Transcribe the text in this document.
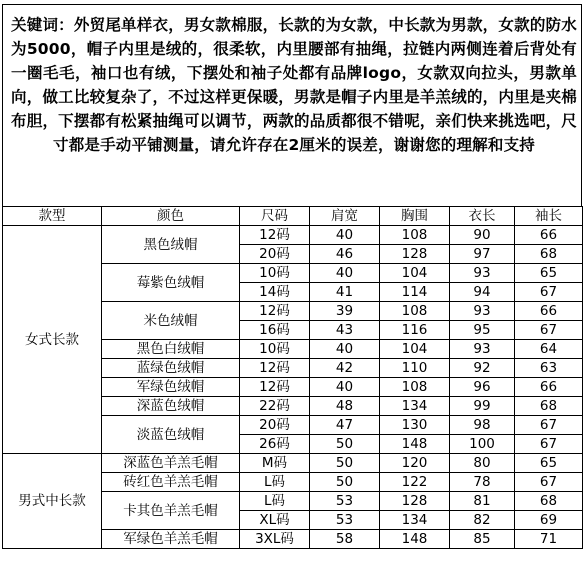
关键词：外贸尾单样衣，男女款棉服，长款的为女款，中长款为男款，女款的防水为5000，帽子内里是绒的，很柔软，内里腰部有抽绳，拉链内两侧连着后背处有一圈毛毛，袖口也有绒，下摆处和袖子处都有品牌logo，女款双向拉头，男款单向，做工比较复杂了，不过这样更保暖，男款是帽子内里是羊羔绒的，内里是夹棉布胆，下摆都有松紧抽绳可以调节，两款的品质都很不错呢，亲们快来挑选吧，尺寸都是手动平铺测量，请允许存在2厘米的误差，谢谢您的理解和支持
款型	颜色	尺码	肩宽	胸围	衣长	袖长
女式长款	黑色绒帽	12码	40	108	90	66
		20码	46	128	97	68
	莓紫色绒帽	10码	40	104	93	65
		14码	41	114	94	67
	米色绒帽	12码	39	108	93	66
		16码	43	116	95	67
	黑色白绒帽	10码	40	104	93	64
	蓝绿色绒帽	12码	42	110	92	63
	军绿色绒帽	12码	40	108	96	66
	深蓝色绒帽	22码	48	134	99	68
	淡蓝色绒帽	20码	47	130	98	67
		26码	50	148	100	67
男式中长款	深蓝色羊羔毛帽	M码	50	120	80	65
	砖红色羊羔毛帽	L码	50	122	78	67
	卡其色羊羔毛帽	L码	53	128	81	68
		XL码	53	134	82	69
	军绿色羊羔毛帽	3XL码	58	148	85	71
